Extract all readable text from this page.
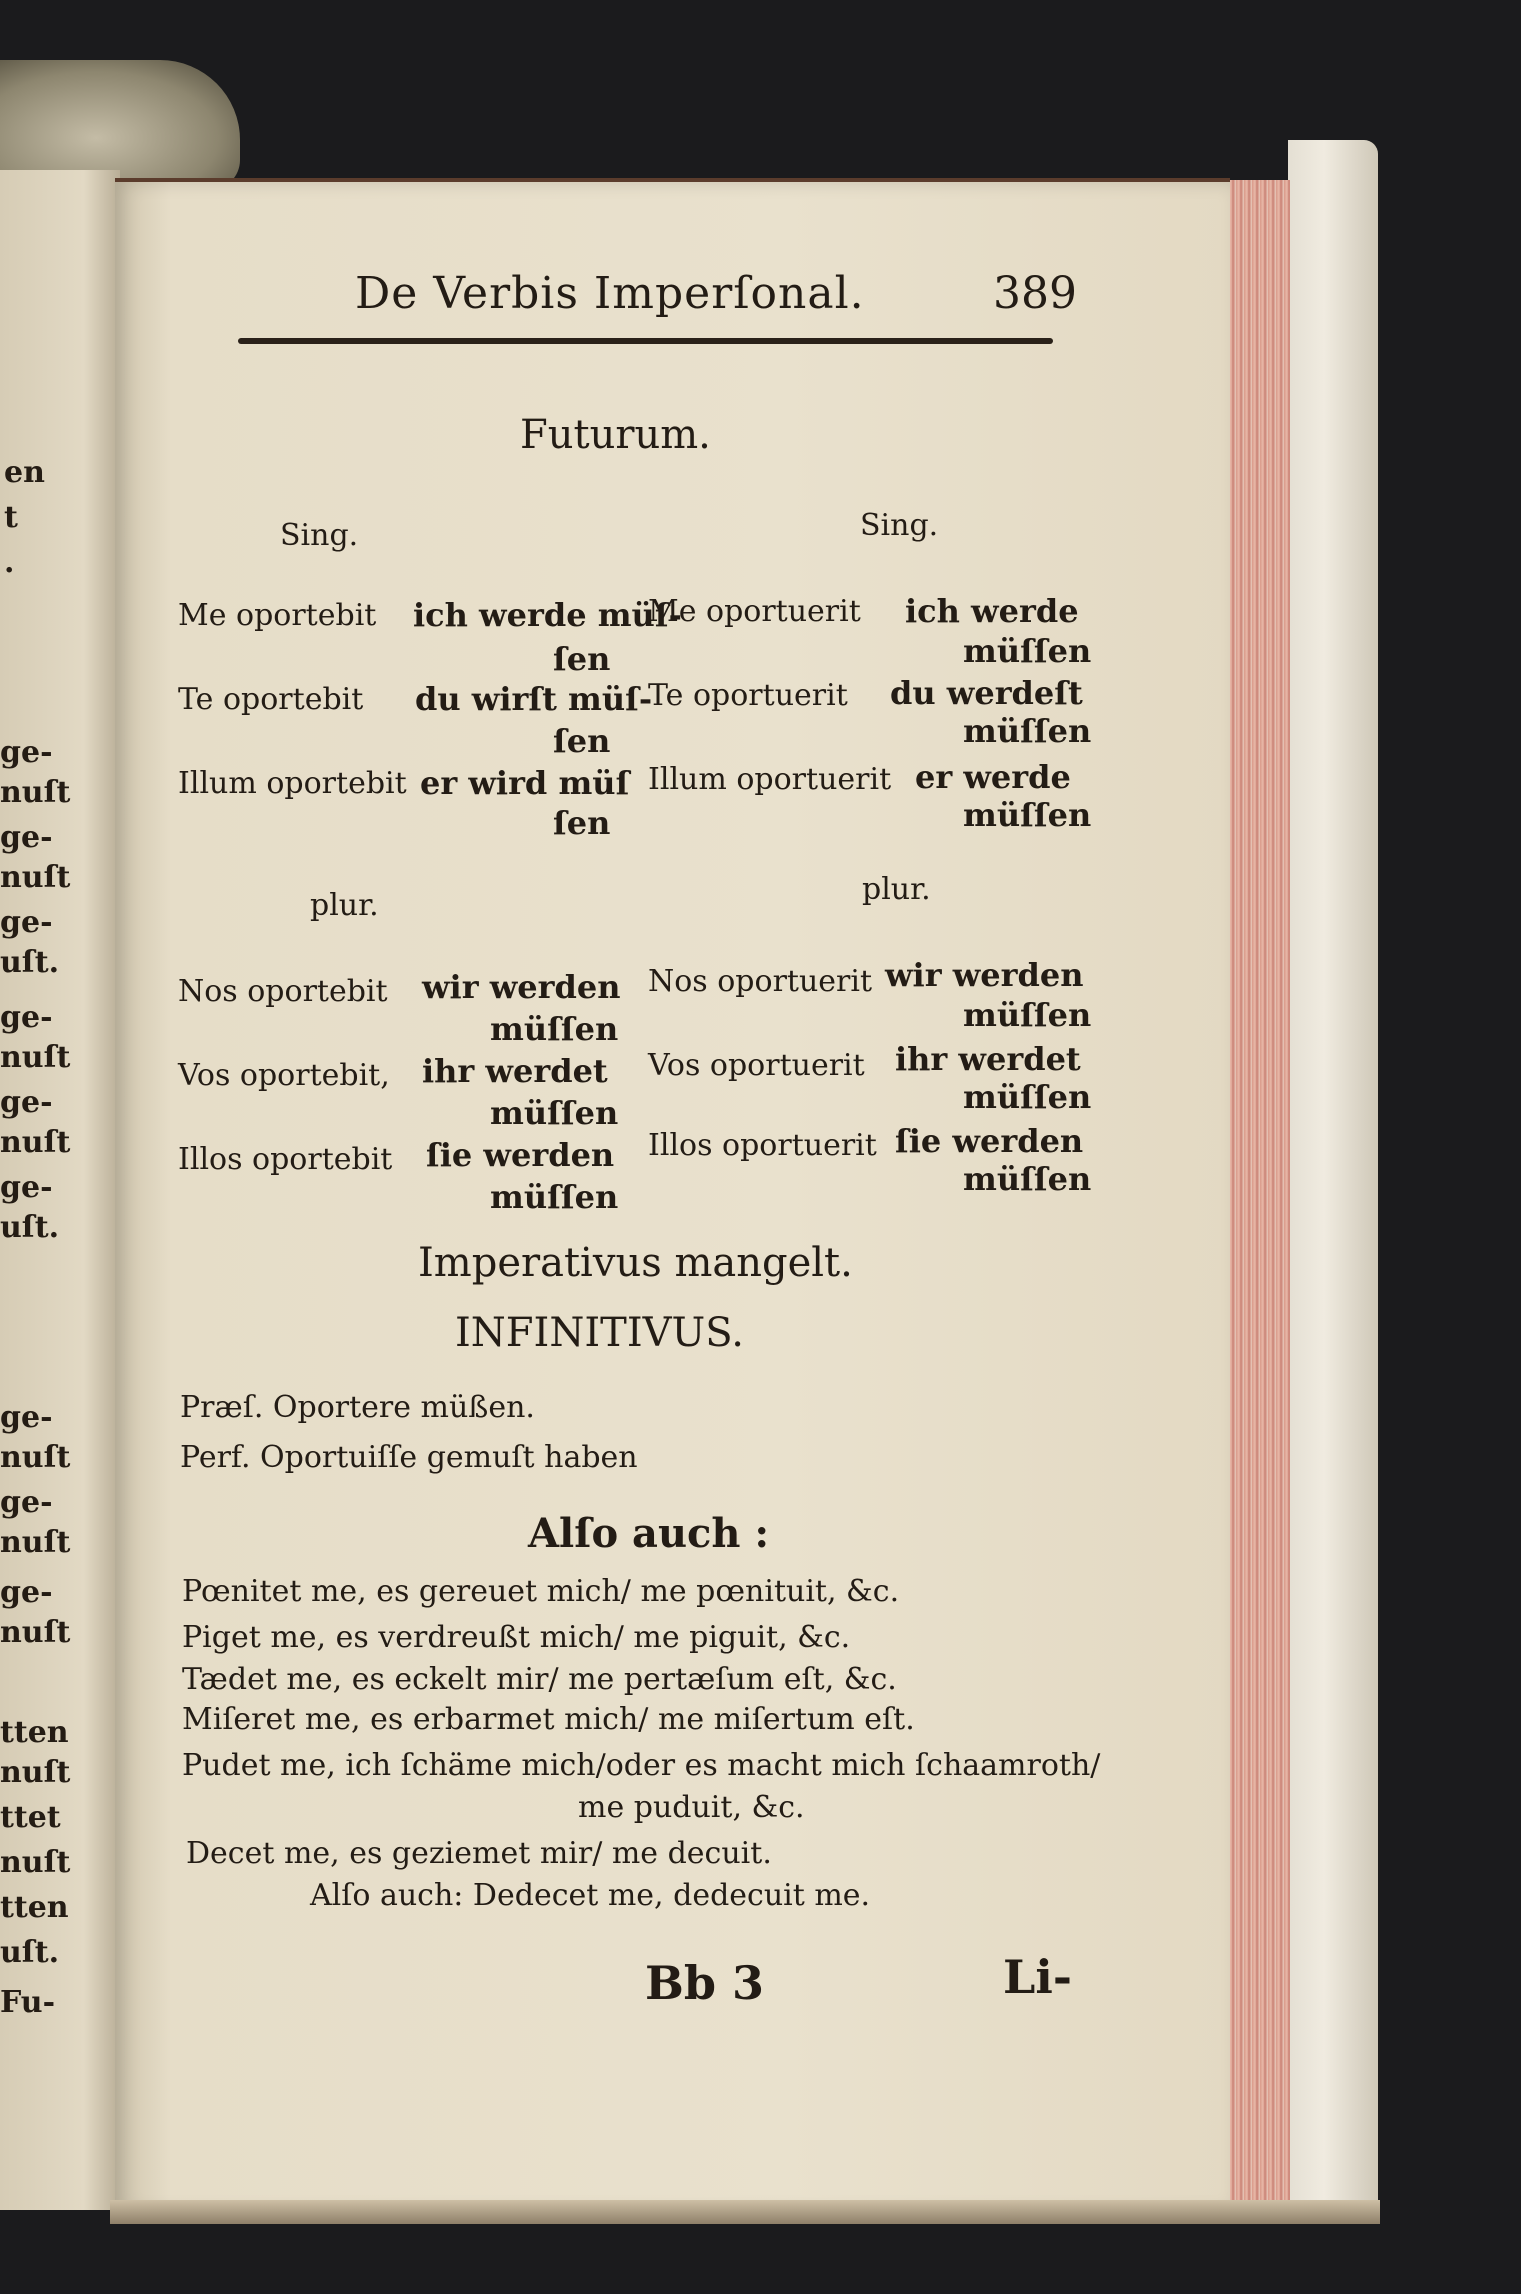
en
t
.
ge-
nuſt
ge-
nuſt
ge-
uſt.
ge-
nuſt
ge-
nuſt
ge-
uſt.
ge-
nuſt
ge-
nuſt
ge-
nuſt
tten
nuſt
ttet
nuſt
tten
uſt.
Fu-
De Verbis Imperſonal.	389
Futurum.
Sing.	Sing.
Me oportebit ich werde müſ-
ſen
Te oportebit du wirſt müſ-
ſen
Illum oportebit er wird müſ
ſen
Me oportuerit ich werde
müſſen
Te oportuerit du werdeſt
müſſen
Illum oportuerit er werde
müſſen
plur.	plur.
Nos oportebit wir werden
müſſen
Vos oportebit, ihr werdet
müſſen
Illos oportebit ſie werden
müſſen
Nos oportuerit wir werden
müſſen
Vos oportuerit ihr werdet
müſſen
Illos oportuerit ſie werden
müſſen
Imperativus mangelt.
INFINITIVUS.
Præſ. Oportere müßen.
Perf. Oportuiſſe gemuſt haben
Alſo auch :
Pœnitet me, es gereuet mich/ me pœnituit, &c.
Piget me, es verdreußt mich/ me piguit, &c.
Tædet me, es eckelt mir/ me pertæſum eſt, &c.
Miſeret me, es erbarmet mich/ me miſertum eſt.
Pudet me, ich ſchäme mich/oder es macht mich ſchaamroth/
me puduit, &c.
Decet me, es geziemet mir/ me decuit.
Alſo auch: Dedecet me, dedecuit me.
Bb 3	Li-
